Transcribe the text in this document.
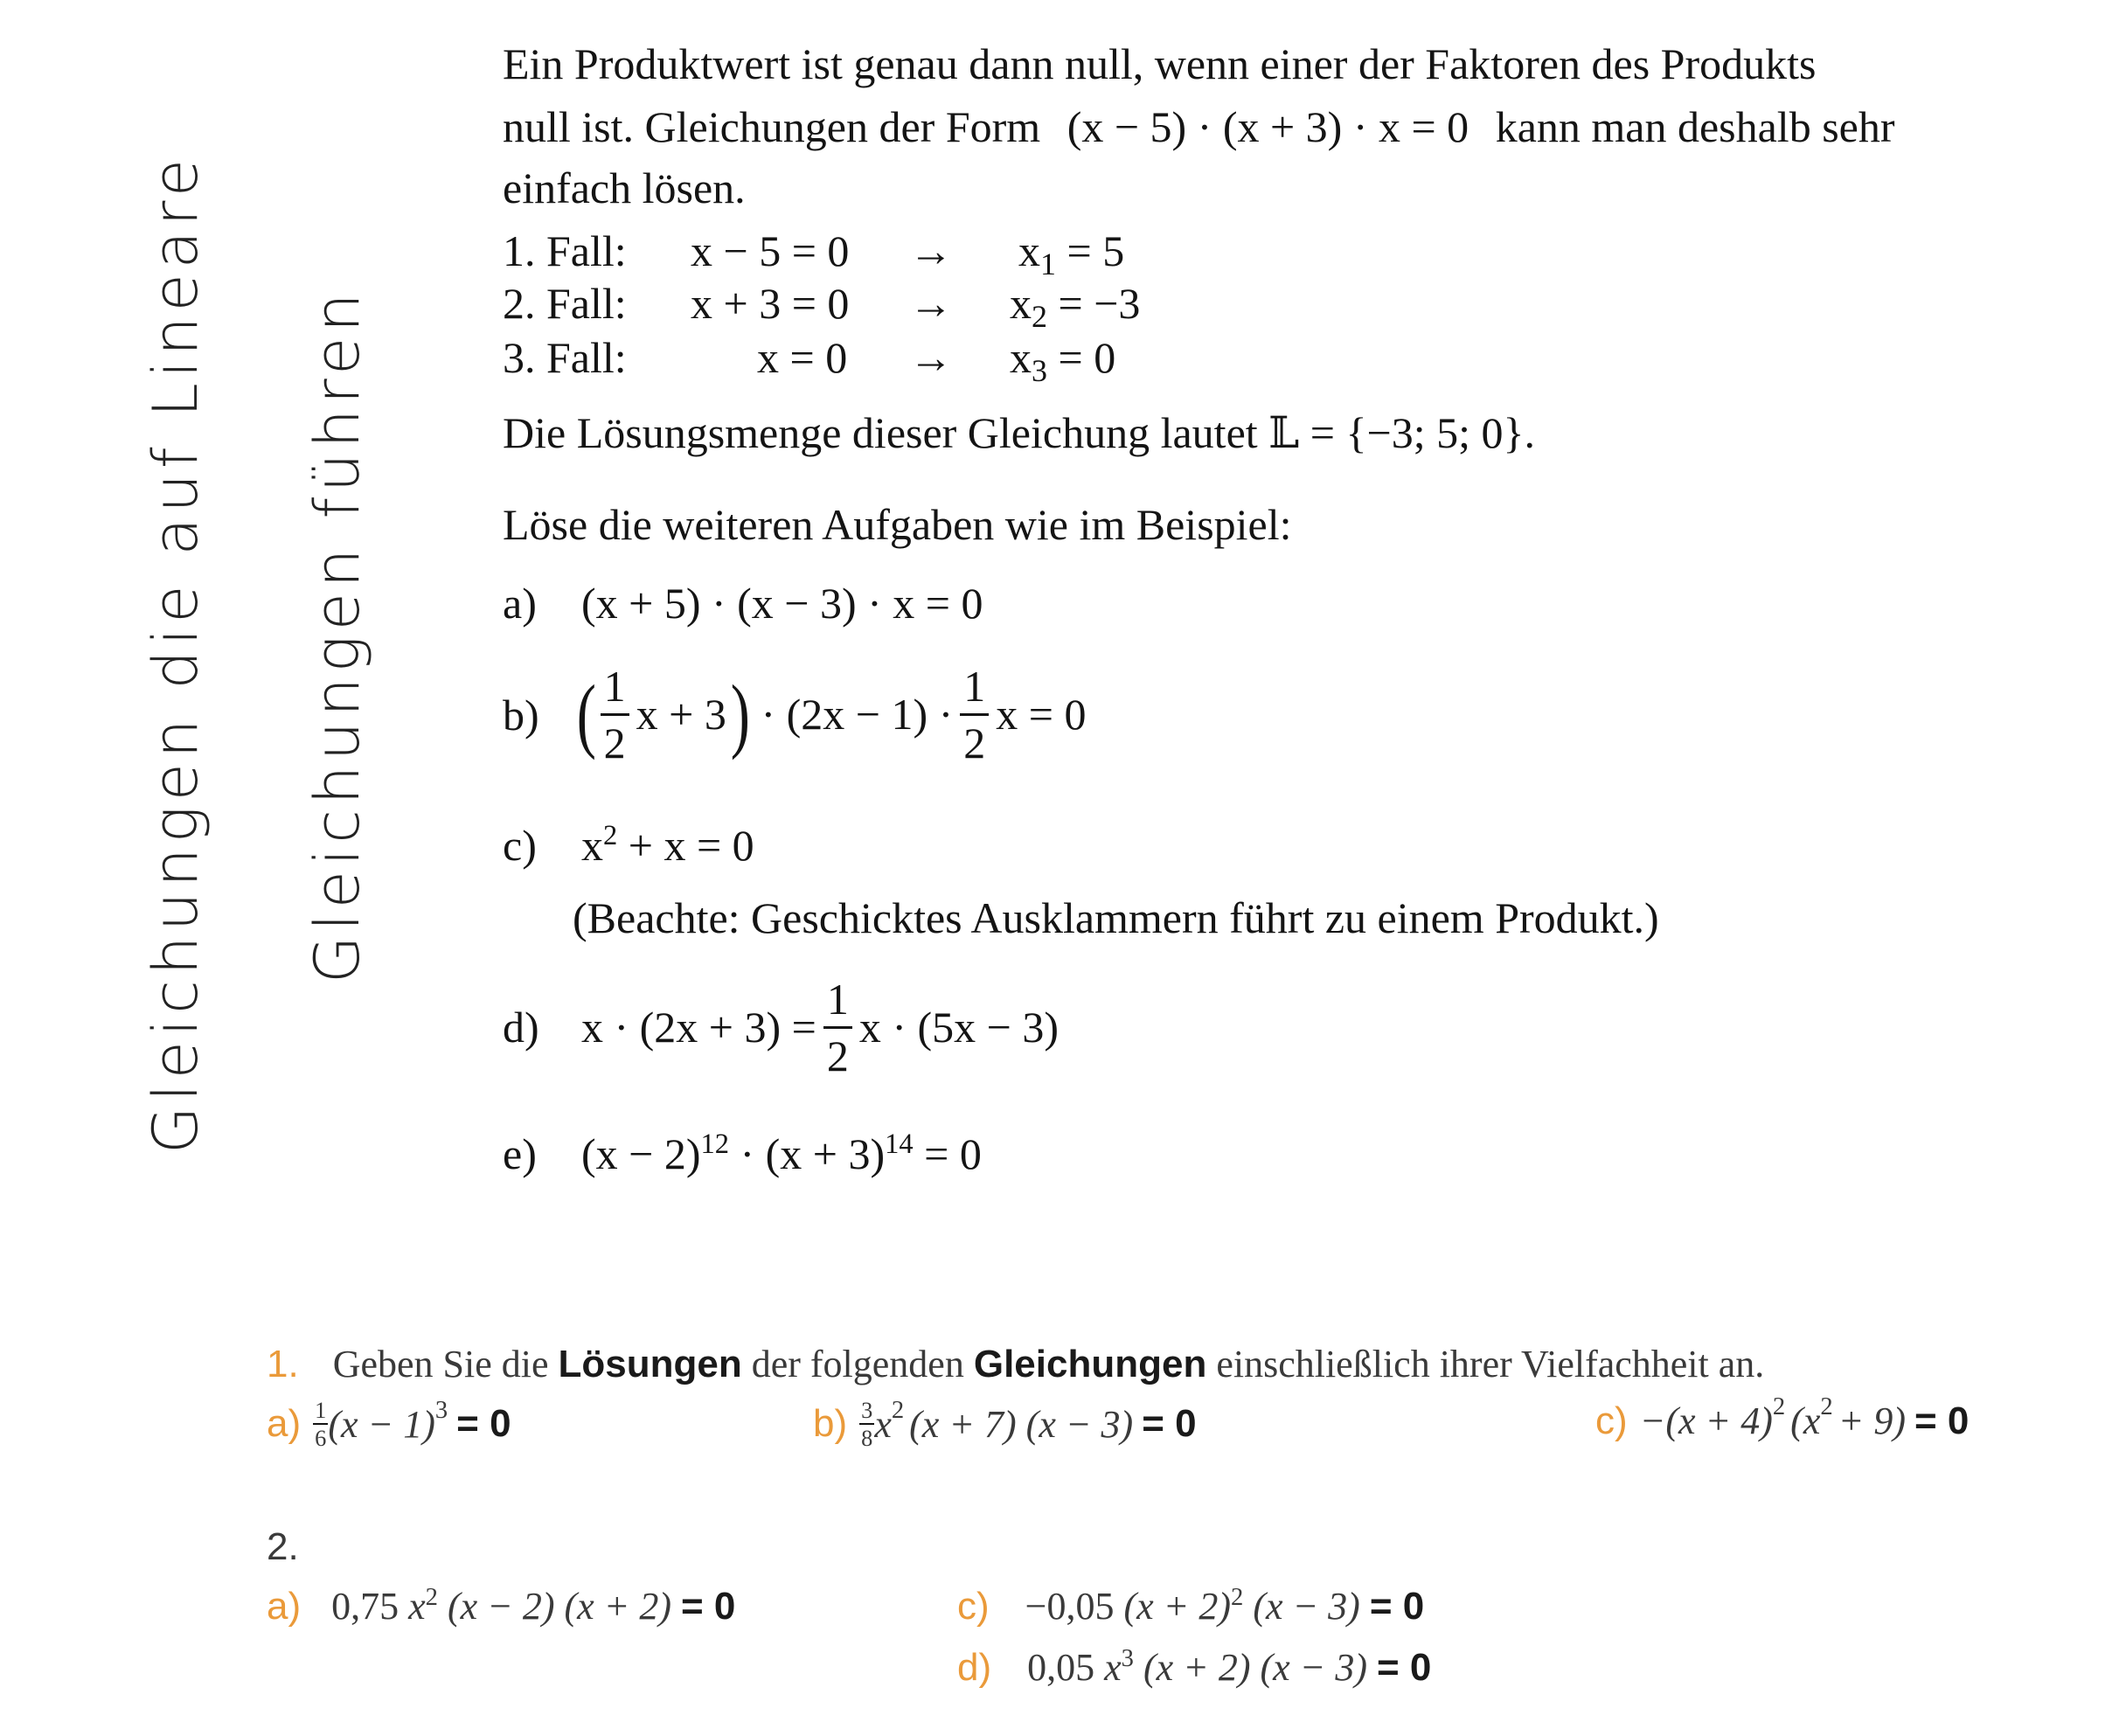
Gleichungen die auf Lineare Gleichungen führen
Ein Produktwert ist genau dann null, wenn einer der Faktoren des Produkts
null ist. Gleichungen der Form (x − 5) · (x + 3) · x = 0 kann man deshalb sehr
einfach lösen.
1. Fall: $x - 5 = 0 \to x_1 = 5$
2. Fall: $x + 3 = 0 \to x_2 = -3$
3. Fall:	$x = 0 \to x_3 = 0$
Die Lösungsmenge dieser Gleichung lautet 𝕃 = {−3; 5; 0}.
Löse die weiteren Aufgaben wie im Beispiel:
a) (x + 5) · (x − 3) · x = 0
b) ( $\frac{1}{2}$ x + 3 ) · $(2x - 1) \cdot \frac{1}{2}$ x = 0
c) $x^2 + x = 0$
(Beachte: Geschicktes Ausklammern führt zu einem Produkt.)
d) $x \cdot (2x + 3) = \frac{1}{2}$ x · (5x − 3)
e) $(x - 2)^{12} \cdot (x + 3)^{14} = 0$
1. Geben Sie die Lösungen der folgenden Gleichungen einschließlich ihrer Vielfachheit an.
$a) \frac{1}{6} (x - 1) 3 = 0$	$b) \frac{3}{8}$ x 2 (x + 7) (x − 3) = 0	c) −(x + 4) 2 (x 2 + 9) = 0
2.
a) 0,75 $x^2$ (x − 2) (x + 2) = 0	c) −0,05 $(x + 2)^2$ (x − 3) = 0
d) 0,05 $x^3$ (x + 2) (x − 3) = 0
